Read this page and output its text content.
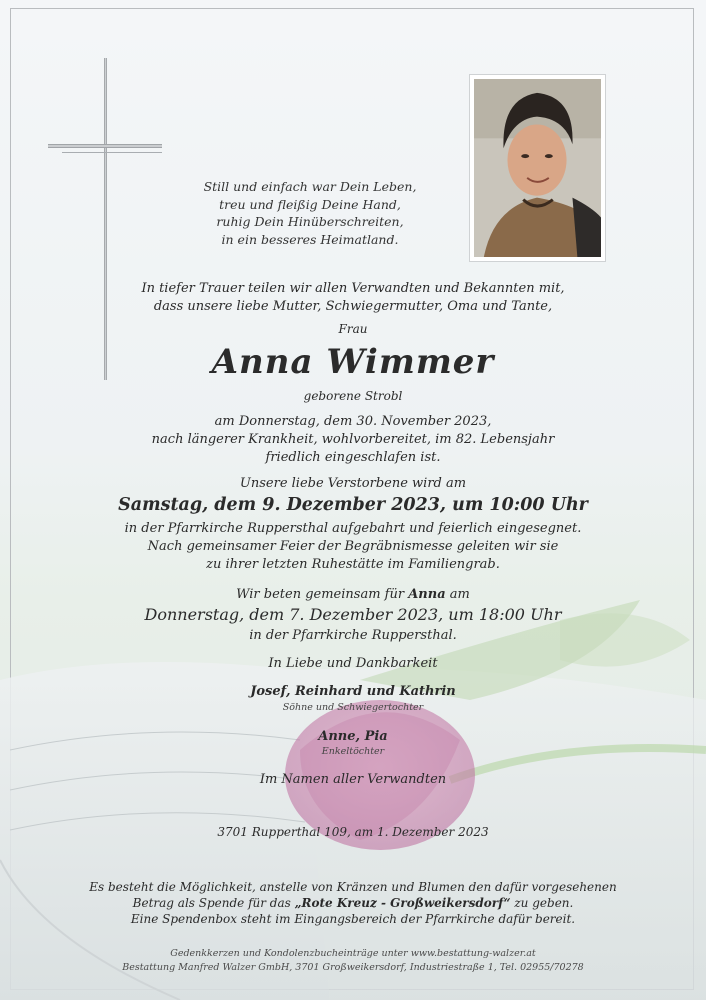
Still und einfach war Dein Leben,
treu und fleißig Deine Hand,
ruhig Dein Hinüberschreiten,
in ein besseres Heimatland.
In tiefer Trauer teilen wir allen Verwandten und Bekannten mit,
dass unsere liebe Mutter, Schwiegermutter, Oma und Tante,
Frau
Anna Wimmer
geborene Strobl
am Donnerstag, dem 30. November 2023,
nach längerer Krankheit, wohlvorbereitet, im 82. Lebensjahr
friedlich eingeschlafen ist.
Unsere liebe Verstorbene wird am
Samstag, dem 9. Dezember 2023, um 10:00 Uhr
in der Pfarrkirche Ruppersthal aufgebahrt und feierlich eingesegnet.
Nach gemeinsamer Feier der Begräbnismesse geleiten wir sie
zu ihrer letzten Ruhestätte im Familiengrab.
Wir beten gemeinsam für Anna am
Donnerstag, dem 7. Dezember 2023, um 18:00 Uhr
in der Pfarrkirche Ruppersthal.
In Liebe und Dankbarkeit
Josef, Reinhard und Kathrin
Söhne und Schwiegertochter
Anne, Pia
Enkeltöchter
Im Namen aller Verwandten
3701 Rupperthal 109, am 1. Dezember 2023
Es besteht die Möglichkeit, anstelle von Kränzen und Blumen den dafür vorgesehenen
Betrag als Spende für das „Rote Kreuz - Großweikersdorf“ zu geben.
Eine Spendenbox steht im Eingangsbereich der Pfarrkirche dafür bereit.
Gedenkkerzen und Kondolenzbucheinträge unter www.bestattung-walzer.at
Bestattung Manfred Walzer GmbH, 3701 Großweikersdorf, Industriestraße 1, Tel. 02955/70278
